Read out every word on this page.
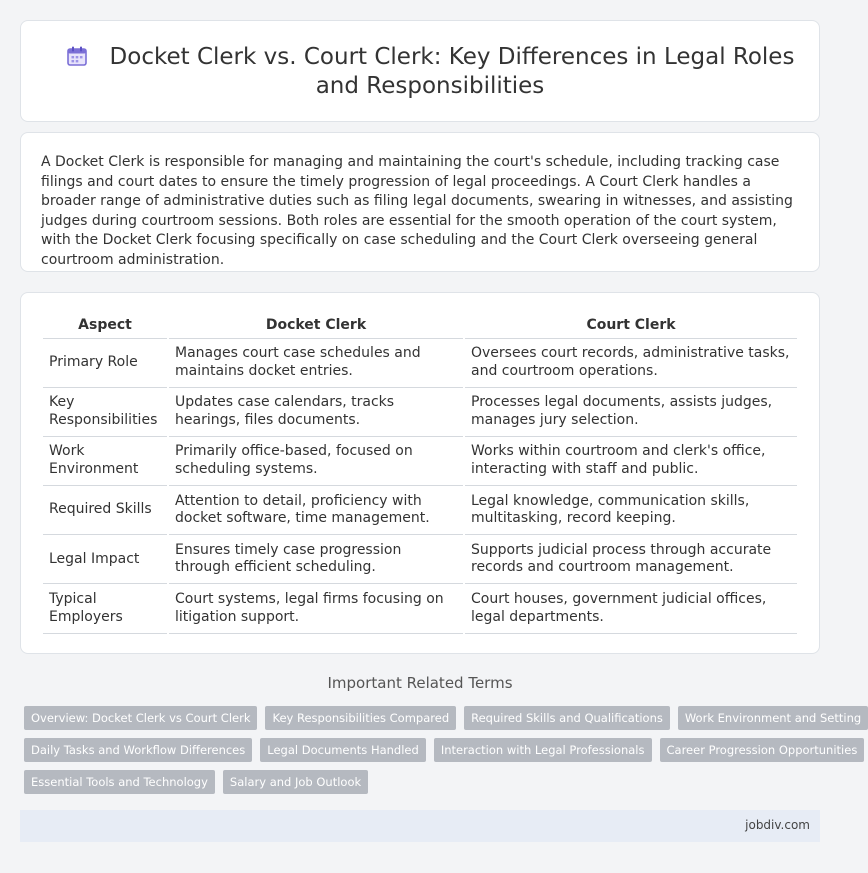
Docket Clerk vs. Court Clerk: Key Differences in Legal Roles and Responsibilities

A Docket Clerk is responsible for managing and maintaining the court's schedule, including tracking case filings and court dates to ensure the timely progression of legal proceedings. A Court Clerk handles a broader range of administrative duties such as filing legal documents, swearing in witnesses, and assisting judges during courtroom sessions. Both roles are essential for the smooth operation of the court system, with the Docket Clerk focusing specifically on case scheduling and the Court Clerk overseeing general courtroom administration.

Aspect	Docket Clerk	Court Clerk
Primary Role	Manages court case schedules and maintains docket entries.	Oversees court records, administrative tasks, and courtroom operations.
Key Responsibilities	Updates case calendars, tracks hearings, files documents.	Processes legal documents, assists judges, manages jury selection.
Work Environment	Primarily office-based, focused on scheduling systems.	Works within courtroom and clerk's office, interacting with staff and public.
Required Skills	Attention to detail, proficiency with docket software, time management.	Legal knowledge, communication skills, multitasking, record keeping.
Legal Impact	Ensures timely case progression through efficient scheduling.	Supports judicial process through accurate records and courtroom management.
Typical Employers	Court systems, legal firms focusing on litigation support.	Court houses, government judicial offices, legal departments.
Important Related Terms
Overview: Docket Clerk vs Court Clerk	Key Responsibilities Compared	Required Skills and Qualifications	Work Environment and Setting
Daily Tasks and Workflow Differences	Legal Documents Handled	Interaction with Legal Professionals	Career Progression Opportunities
Essential Tools and Technology	Salary and Job Outlook
jobdiv.com
